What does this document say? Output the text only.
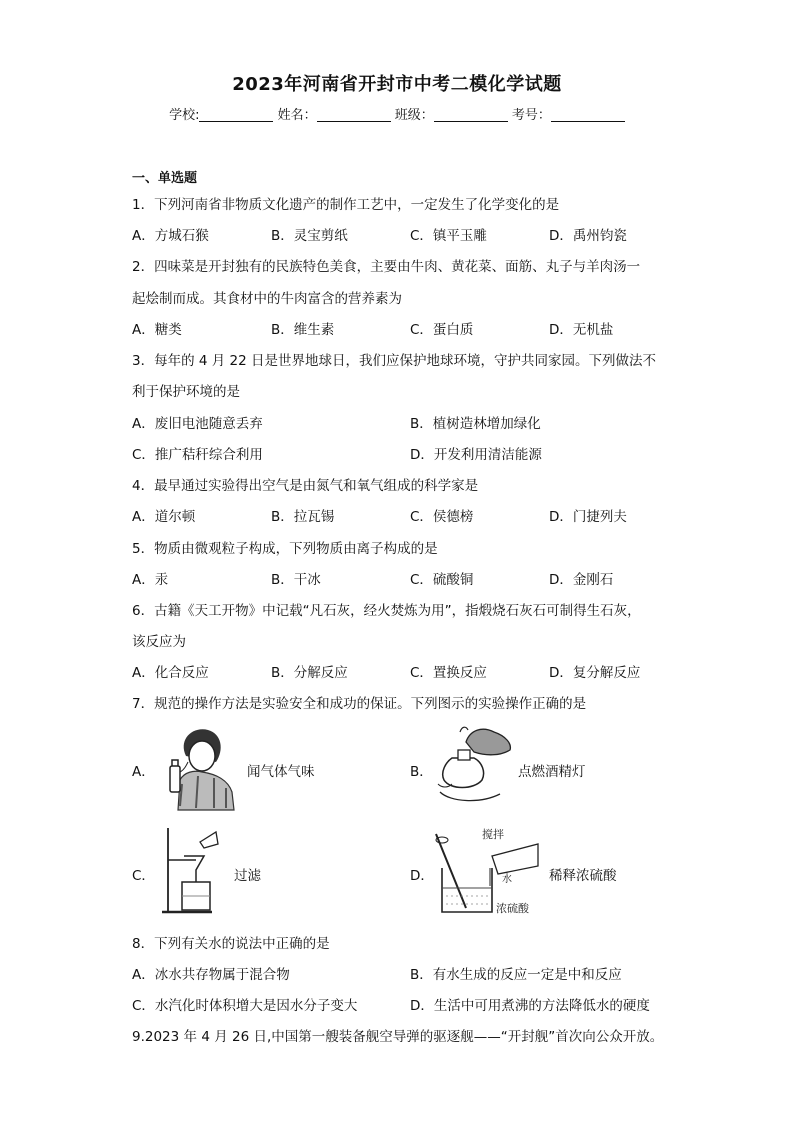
2023年河南省开封市中考二模化学试题
学校:	姓名：	班级：	考号：
一、单选题
1．下列河南省非物质文化遗产的制作工艺中，一定发生了化学变化的是
A．方城石猴	B．灵宝剪纸	C．镇平玉雕	D．禹州钧瓷
2．四味菜是开封独有的民族特色美食，主要由牛肉、黄花菜、面筋、丸子与羊肉汤一
起烩制而成。其食材中的牛肉富含的营养素为
A．糖类	B．维生素	C．蛋白质	D．无机盐
3．每年的 4 月 22 日是世界地球日，我们应保护地球环境，守护共同家园。下列做法不
利于保护环境的是
A．废旧电池随意丢弃	B．植树造林增加绿化
C．推广秸秆综合利用	D．开发利用清洁能源
4．最早通过实验得出空气是由氮气和氧气组成的科学家是
A．道尔顿	B．拉瓦锡	C．侯德榜	D．门捷列夫
5．物质由微观粒子构成，下列物质由离子构成的是
A．汞	B．干冰	C．硫酸铜	D．金刚石
6．古籍《天工开物》中记载“凡石灰，经火焚炼为用”，指煅烧石灰石可制得生石灰，
该反应为
A．化合反应	B．分解反应	C．置换反应	D．复分解反应
7．规范的操作方法是实验安全和成功的保证。下列图示的实验操作正确的是
A．	闻气体气味	B．	点燃酒精灯
C．	过滤	D．
搅拌
水
浓硫酸
稀释浓硫酸
8．下列有关水的说法中正确的是
A．冰水共存物属于混合物	B．有水生成的反应一定是中和反应
C．水汽化时体积增大是因水分子变大	D．生活中可用煮沸的方法降低水的硬度
9.2023 年 4 月 26 日,中国第一艘装备舰空导弹的驱逐舰——“开封舰”首次向公众开放。
